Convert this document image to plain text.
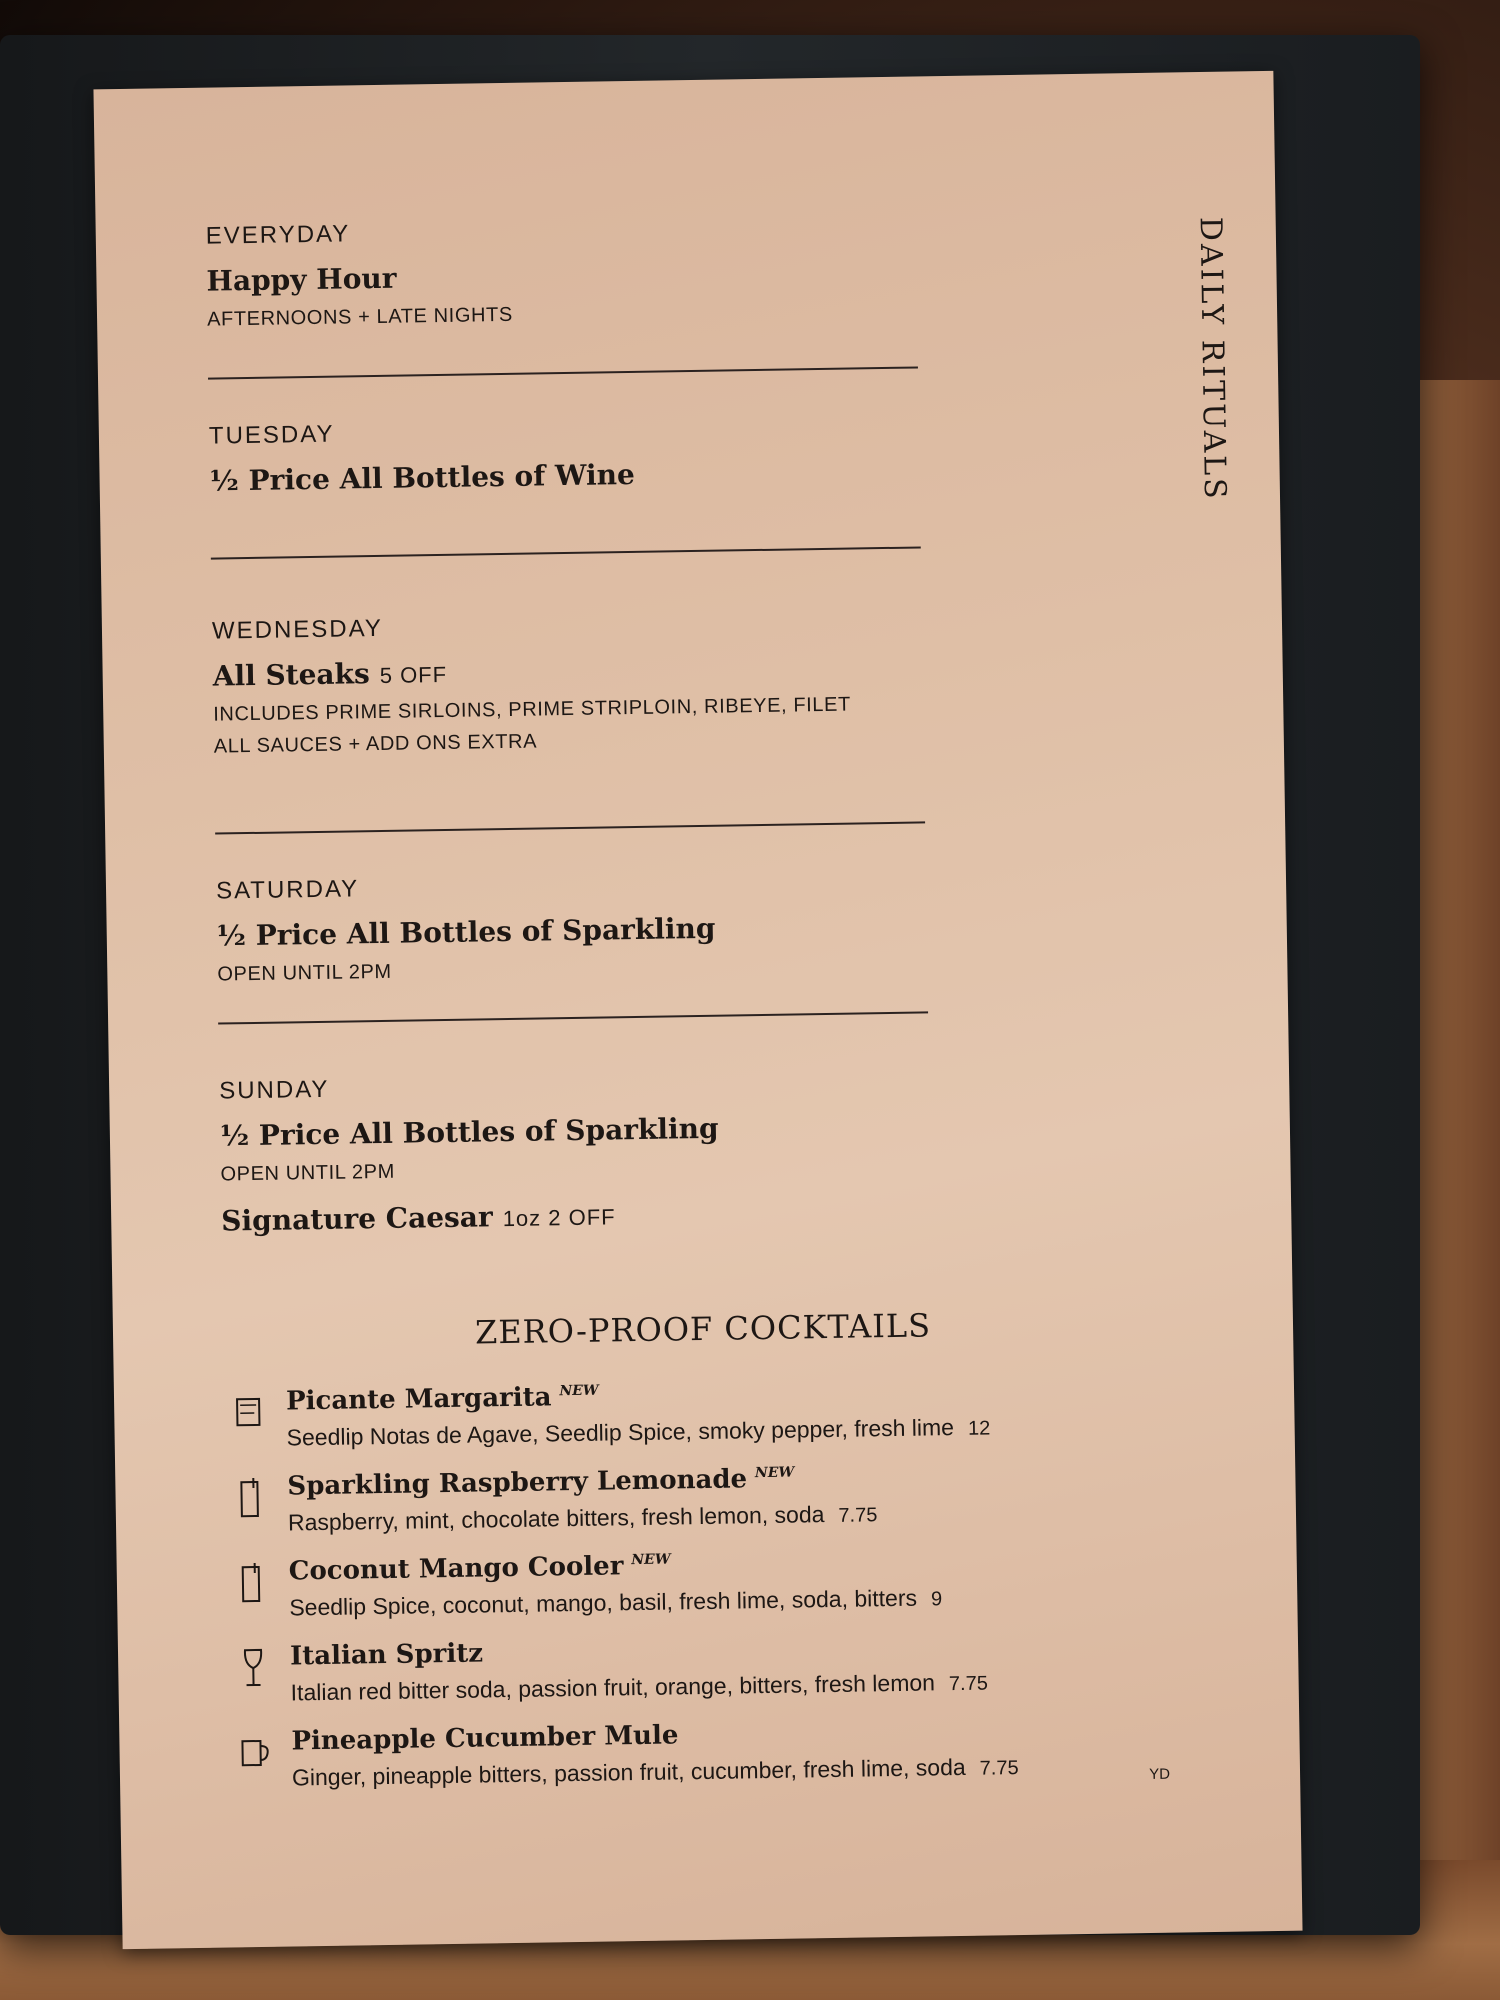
DAILY RITUALS
EVERYDAY
Happy Hour
AFTERNOONS + LATE NIGHTS
TUESDAY
½ Price All Bottles of Wine
WEDNESDAY
All Steaks 5 OFF
INCLUDES PRIME SIRLOINS, PRIME STRIPLOIN, RIBEYE, FILET
ALL SAUCES + ADD ONS EXTRA
SATURDAY
½ Price All Bottles of Sparkling
OPEN UNTIL 2PM
SUNDAY
½ Price All Bottles of Sparkling
OPEN UNTIL 2PM
Signature Caesar 1oz 2 OFF
ZERO-PROOF COCKTAILS
Picante Margarita $^{NEW}$
Seedlip Notas de Agave, Seedlip Spice, smoky pepper, fresh lime 12
Sparkling Raspberry Lemonade $^{NEW}$
Raspberry, mint, chocolate bitters, fresh lemon, soda 7.75
Coconut Mango Cooler $^{NEW}$
Seedlip Spice, coconut, mango, basil, fresh lime, soda, bitters 9
Italian Spritz
Italian red bitter soda, passion fruit, orange, bitters, fresh lemon 7.75
Pineapple Cucumber Mule
Ginger, pineapple bitters, passion fruit, cucumber, fresh lime, soda 7.75	YD
